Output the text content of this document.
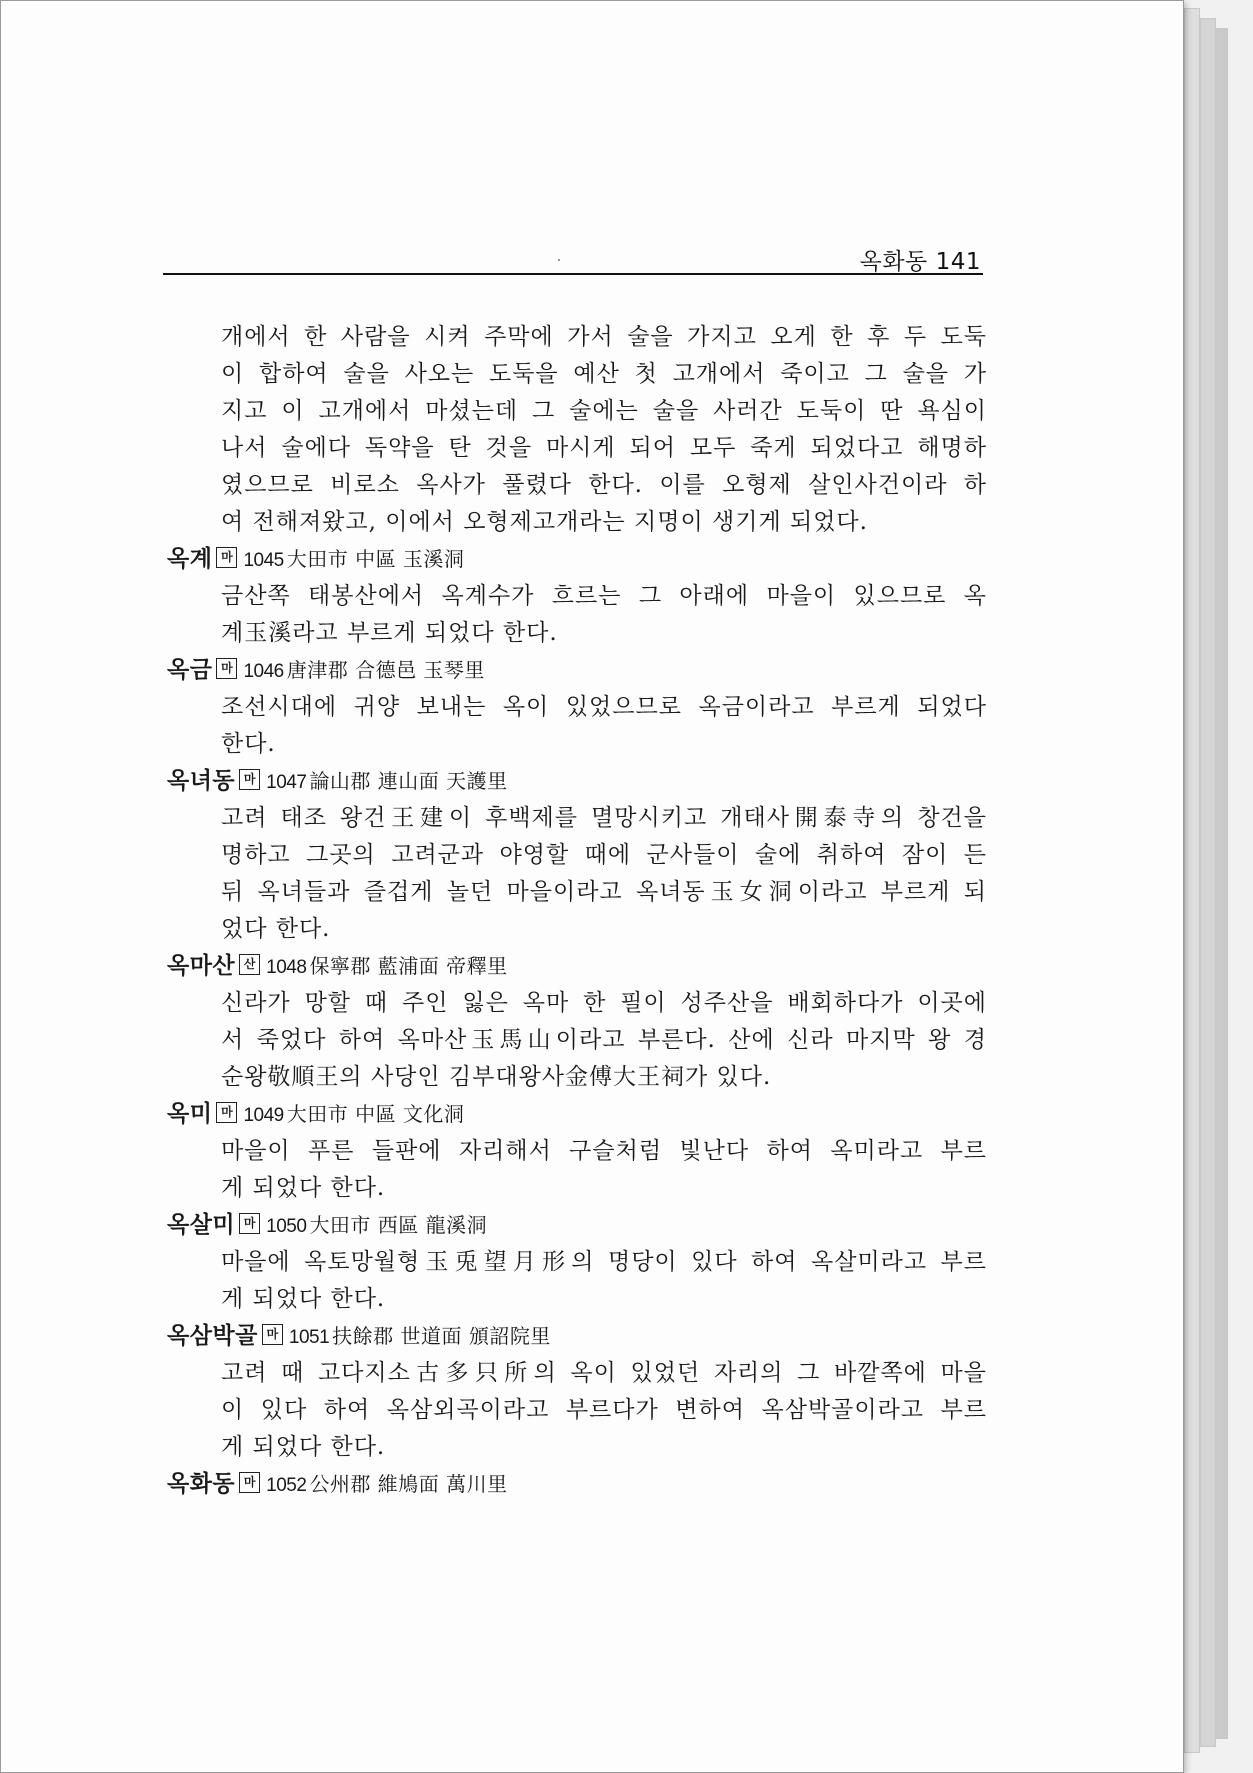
옥화동 141
개에서 한 사람을 시켜 주막에 가서 술을 가지고 오게 한 후 두 도둑
이 합하여 술을 사오는 도둑을 예산 첫 고개에서 죽이고 그 술을 가
지고 이 고개에서 마셨는데 그 술에는 술을 사러간 도둑이 딴 욕심이
나서 술에다 독약을 탄 것을 마시게 되어 모두 죽게 되었다고 해명하
였으므로 비로소 옥사가 풀렸다 한다. 이를 오형제 살인사건이라 하
여 전해져왔고, 이에서 오형제고개라는 지명이 생기게 되었다.
옥계 마 1045 大田市 中區 玉溪洞
금산쪽 태봉산에서 옥계수가 흐르는 그 아래에 마을이 있으므로 옥
계玉溪라고 부르게 되었다 한다.
옥금 마 1046 唐津郡 合德邑 玉琴里
조선시대에 귀양 보내는 옥이 있었으므로 옥금이라고 부르게 되었다
한다.
옥녀동 마 1047 論山郡 連山面 天護里
고려 태조 왕건王建이 후백제를 멸망시키고 개태사開泰寺의 창건을
명하고 그곳의 고려군과 야영할 때에 군사들이 술에 취하여 잠이 든
뒤 옥녀들과 즐겁게 놀던 마을이라고 옥녀동玉女洞이라고 부르게 되
었다 한다.
옥마산 산 1048 保寧郡 藍浦面 帝釋里
신라가 망할 때 주인 잃은 옥마 한 필이 성주산을 배회하다가 이곳에
서 죽었다 하여 옥마산玉馬山이라고 부른다. 산에 신라 마지막 왕 경
순왕敬順王의 사당인 김부대왕사金傅大王祠가 있다.
옥미 마 1049 大田市 中區 文化洞
마을이 푸른 들판에 자리해서 구슬처럼 빛난다 하여 옥미라고 부르
게 되었다 한다.
옥살미 마 1050 大田市 西區 龍溪洞
마을에 옥토망월형玉兎望月形의 명당이 있다 하여 옥살미라고 부르
게 되었다 한다.
옥삼박골 마 1051 扶餘郡 世道面 頒詔院里
고려 때 고다지소古多只所의 옥이 있었던 자리의 그 바깥쪽에 마을
이 있다 하여 옥삼외곡이라고 부르다가 변하여 옥삼박골이라고 부르
게 되었다 한다.
옥화동 마 1052 公州郡 維鳩面 萬川里
